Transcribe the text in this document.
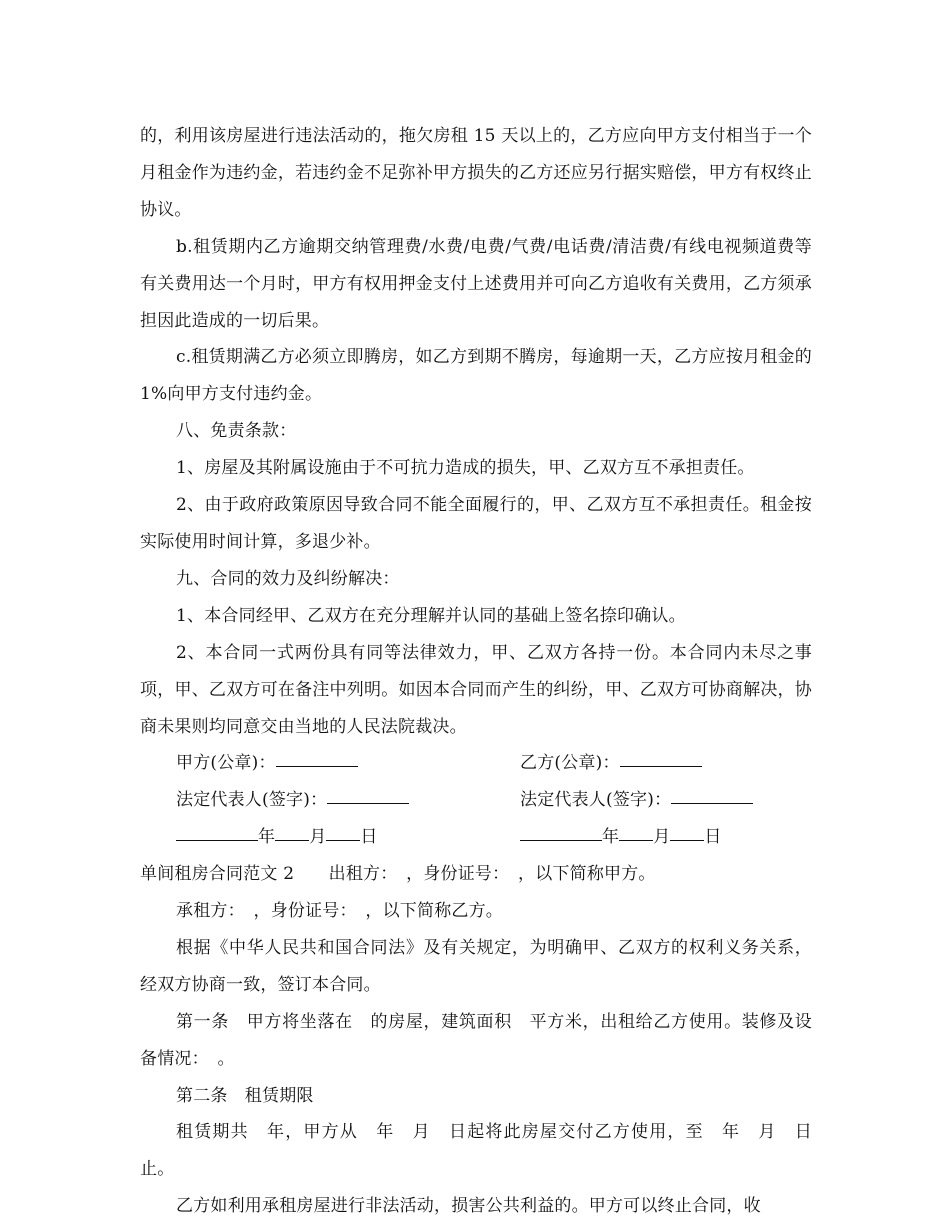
的，利用该房屋进行违法活动的，拖欠房租 15 天以上的，乙方应向甲方支付相当于一个月租金作为违约金，若违约金不足弥补甲方损失的乙方还应另行据实赔偿，甲方有权终止协议。

b.租赁期内乙方逾期交纳管理费/水费/电费/气费/电话费/清洁费/有线电视频道费等有关费用达一个月时，甲方有权用押金支付上述费用并可向乙方追收有关费用，乙方须承担因此造成的一切后果。

c.租赁期满乙方必须立即腾房，如乙方到期不腾房，每逾期一天，乙方应按月租金的 1%向甲方支付违约金。

八、免责条款：

1、房屋及其附属设施由于不可抗力造成的损失，甲、乙双方互不承担责任。

2、由于政府政策原因导致合同不能全面履行的，甲、乙双方互不承担责任。租金按实际使用时间计算，多退少补。

九、合同的效力及纠纷解决：

1、本合同经甲、乙双方在充分理解并认同的基础上签名捺印确认。

2、本合同一式两份具有同等法律效力，甲、乙双方各持一份。本合同内未尽之事项，甲、乙双方可在备注中列明。如因本合同而产生的纠纷，甲、乙双方可协商解决，协商未果则均同意交由当地的人民法院裁决。

甲方(公章)：	乙方(公章)：
法定代表人(签字)：	法定代表人(签字)：
年 月 日	年 月 日

单间租房合同范文 2　　出租方：　，身份证号：　，以下简称甲方。

承租方：　，身份证号：　，以下简称乙方。

根据《中华人民共和国合同法》及有关规定，为明确甲、乙双方的权利义务关系，经双方协商一致，签订本合同。

第一条　甲方将坐落在　的房屋，建筑面积　平方米，出租给乙方使用。装修及设备情况：　。

第二条　租赁期限

租赁期共　年，甲方从　年　月　日起将此房屋交付乙方使用，至　年　月　日止。

乙方如利用承租房屋进行非法活动，损害公共利益的。甲方可以终止合同，收
